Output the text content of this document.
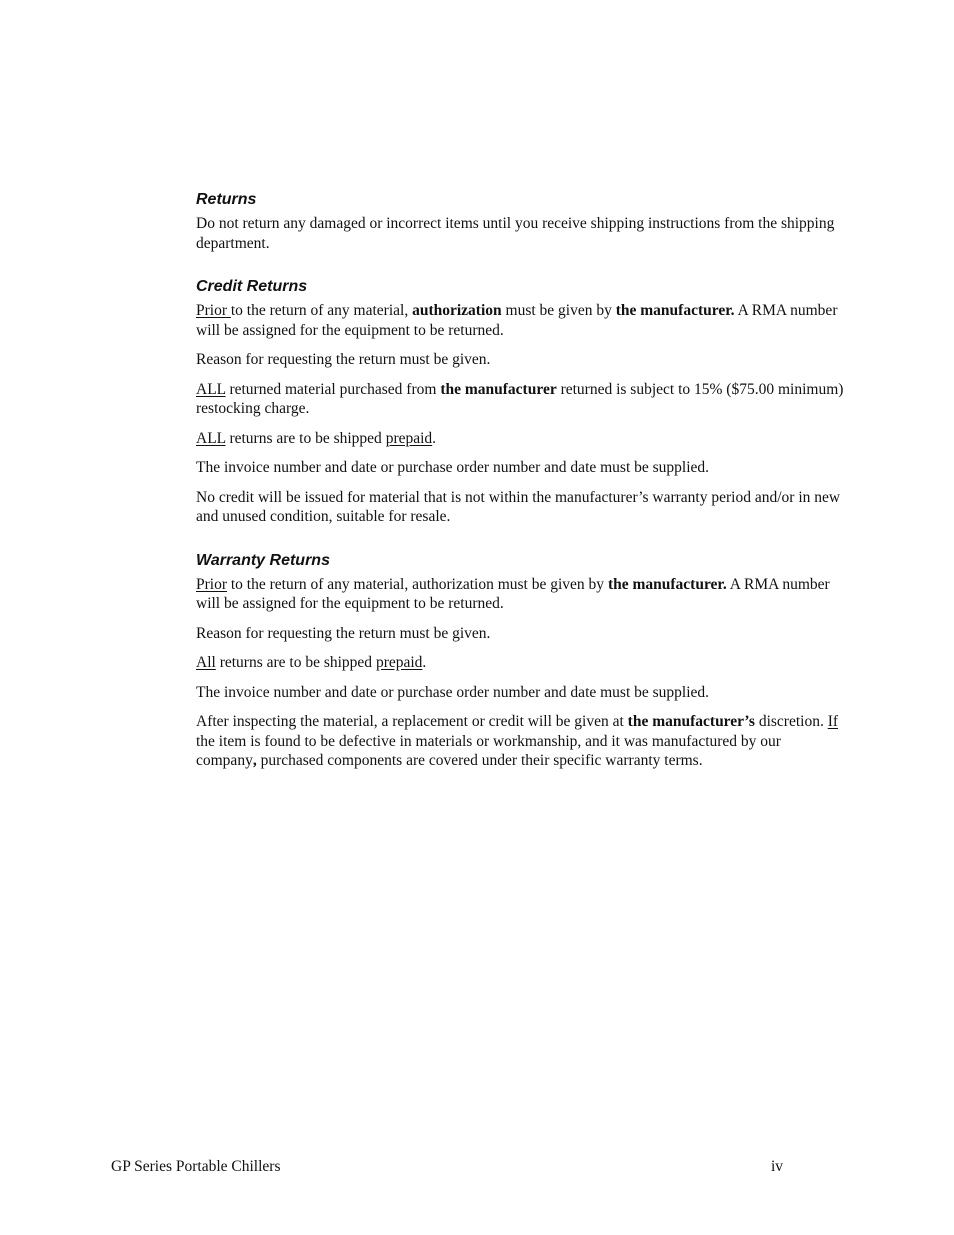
Returns

Do not return any damaged or incorrect items until you receive shipping instructions from the shipping department.

Credit Returns

Prior to the return of any material, authorization must be given by the manufacturer. A RMA number will be assigned for the equipment to be returned.

Reason for requesting the return must be given.

ALL returned material purchased from the manufacturer returned is subject to 15% ($75.00 minimum) restocking charge.

ALL returns are to be shipped prepaid.

The invoice number and date or purchase order number and date must be supplied.

No credit will be issued for material that is not within the manufacturer’s warranty period and/or in new and unused condition, suitable for resale.

Warranty Returns

Prior to the return of any material, authorization must be given by the manufacturer. A RMA number will be assigned for the equipment to be returned.

Reason for requesting the return must be given.

All returns are to be shipped prepaid.

The invoice number and date or purchase order number and date must be supplied.

After inspecting the material, a replacement or credit will be given at the manufacturer’s discretion. If the item is found to be defective in materials or workmanship, and it was manufactured by our company, purchased components are covered under their specific warranty terms.

GP Series Portable Chillers	iv
